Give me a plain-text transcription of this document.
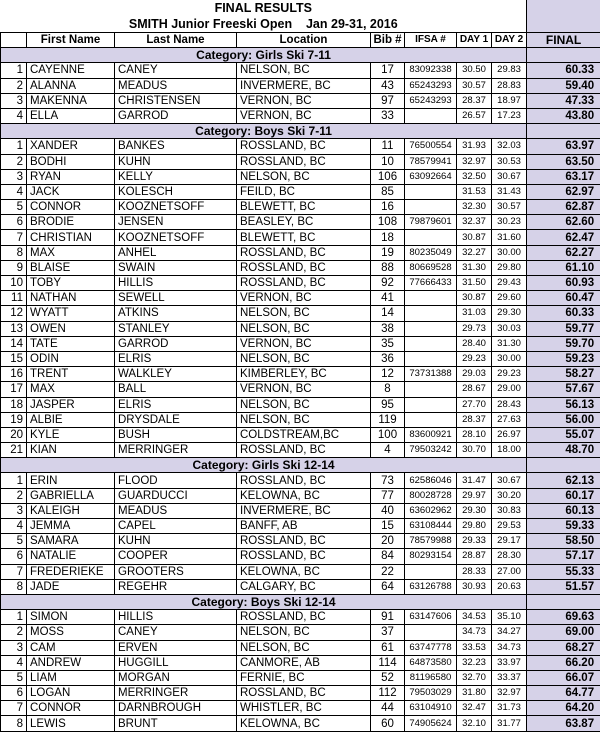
FINAL RESULTS								
SMITH Junior Freeski Open    Jan 29-31, 2016								
	First Name	Last Name	Location	Bib #	IFSA #	DAY 1	DAY 2	FINAL
Category: Girls Ski 7-11								
1	CAYENNE	CANEY	NELSON, BC	17	83092338	30.50	29.83	60.33
2	ALANNA	MEADUS	INVERMERE, BC	43	65243293	30.57	28.83	59.40
3	MAKENNA	CHRISTENSEN	VERNON, BC	97	65243293	28.37	18.97	47.33
4	ELLA	GARROD	VERNON, BC	33		26.57	17.23	43.80
Category: Boys Ski 7-11								
1	XANDER	BANKES	ROSSLAND, BC	11	76500554	31.93	32.03	63.97
2	BODHI	KUHN	ROSSLAND, BC	10	78579941	32.97	30.53	63.50
3	RYAN	KELLY	NELSON, BC	106	63092664	32.50	30.67	63.17
4	JACK	KOLESCH	FEILD, BC	85		31.53	31.43	62.97
5	CONNOR	KOOZNETSOFF	BLEWETT, BC	16		32.30	30.57	62.87
6	BRODIE	JENSEN	BEASLEY, BC	108	79879601	32.37	30.23	62.60
7	CHRISTIAN	KOOZNETSOFF	BLEWETT, BC	18		30.87	31.60	62.47
8	MAX	ANHEL	ROSSLAND, BC	19	80235049	32.27	30.00	62.27
9	BLAISE	SWAIN	ROSSLAND, BC	88	80669528	31.30	29.80	61.10
10	TOBY	HILLIS	ROSSLAND, BC	92	77666433	31.50	29.43	60.93
11	NATHAN	SEWELL	VERNON, BC	41		30.87	29.60	60.47
12	WYATT	ATKINS	NELSON, BC	14		31.03	29.30	60.33
13	OWEN	STANLEY	NELSON, BC	38		29.73	30.03	59.77
14	TATE	GARROD	VERNON, BC	35		28.40	31.30	59.70
15	ODIN	ELRIS	NELSON, BC	36		29.23	30.00	59.23
16	TRENT	WALKLEY	KIMBERLEY, BC	12	73731388	29.03	29.23	58.27
17	MAX	BALL	VERNON, BC	8		28.67	29.00	57.67
18	JASPER	ELRIS	NELSON, BC	95		27.70	28.43	56.13
19	ALBIE	DRYSDALE	NELSON, BC	119		28.37	27.63	56.00
20	KYLE	BUSH	COLDSTREAM,BC	100	83600921	28.10	26.97	55.07
21	KIAN	MERRINGER	ROSSLAND, BC	4	79503242	30.70	18.00	48.70
Category: Girls Ski 12-14								
1	ERIN	FLOOD	ROSSLAND, BC	73	62586046	31.47	30.67	62.13
2	GABRIELLA	GUARDUCCI	KELOWNA, BC	77	80028728	29.97	30.20	60.17
3	KALEIGH	MEADUS	INVERMERE, BC	40	63602962	29.30	30.83	60.13
4	JEMMA	CAPEL	BANFF, AB	15	63108444	29.80	29.53	59.33
5	SAMARA	KUHN	ROSSLAND, BC	20	78579988	29.33	29.17	58.50
6	NATALIE	COOPER	ROSSLAND, BC	84	80293154	28.87	28.30	57.17
7	FREDERIEKE	GROOTERS	KELOWNA, BC	22		28.33	27.00	55.33
8	JADE	REGEHR	CALGARY, BC	64	63126788	30.93	20.63	51.57
Category: Boys Ski 12-14								
1	SIMON	HILLIS	ROSSLAND, BC	91	63147606	34.53	35.10	69.63
2	MOSS	CANEY	NELSON, BC	37		34.73	34.27	69.00
3	CAM	ERVEN	NELSON, BC	61	63747778	33.53	34.73	68.27
4	ANDREW	HUGGILL	CANMORE, AB	114	64873580	32.23	33.97	66.20
5	LIAM	MORGAN	FERNIE, BC	52	81196580	32.70	33.37	66.07
6	LOGAN	MERRINGER	ROSSLAND, BC	112	79503029	31.80	32.97	64.77
7	CONNOR	DARNBROUGH	WHISTLER, BC	44	63104910	32.47	31.73	64.20
8	LEWIS	BRUNT	KELOWNA, BC	60	74905624	32.10	31.77	63.87
